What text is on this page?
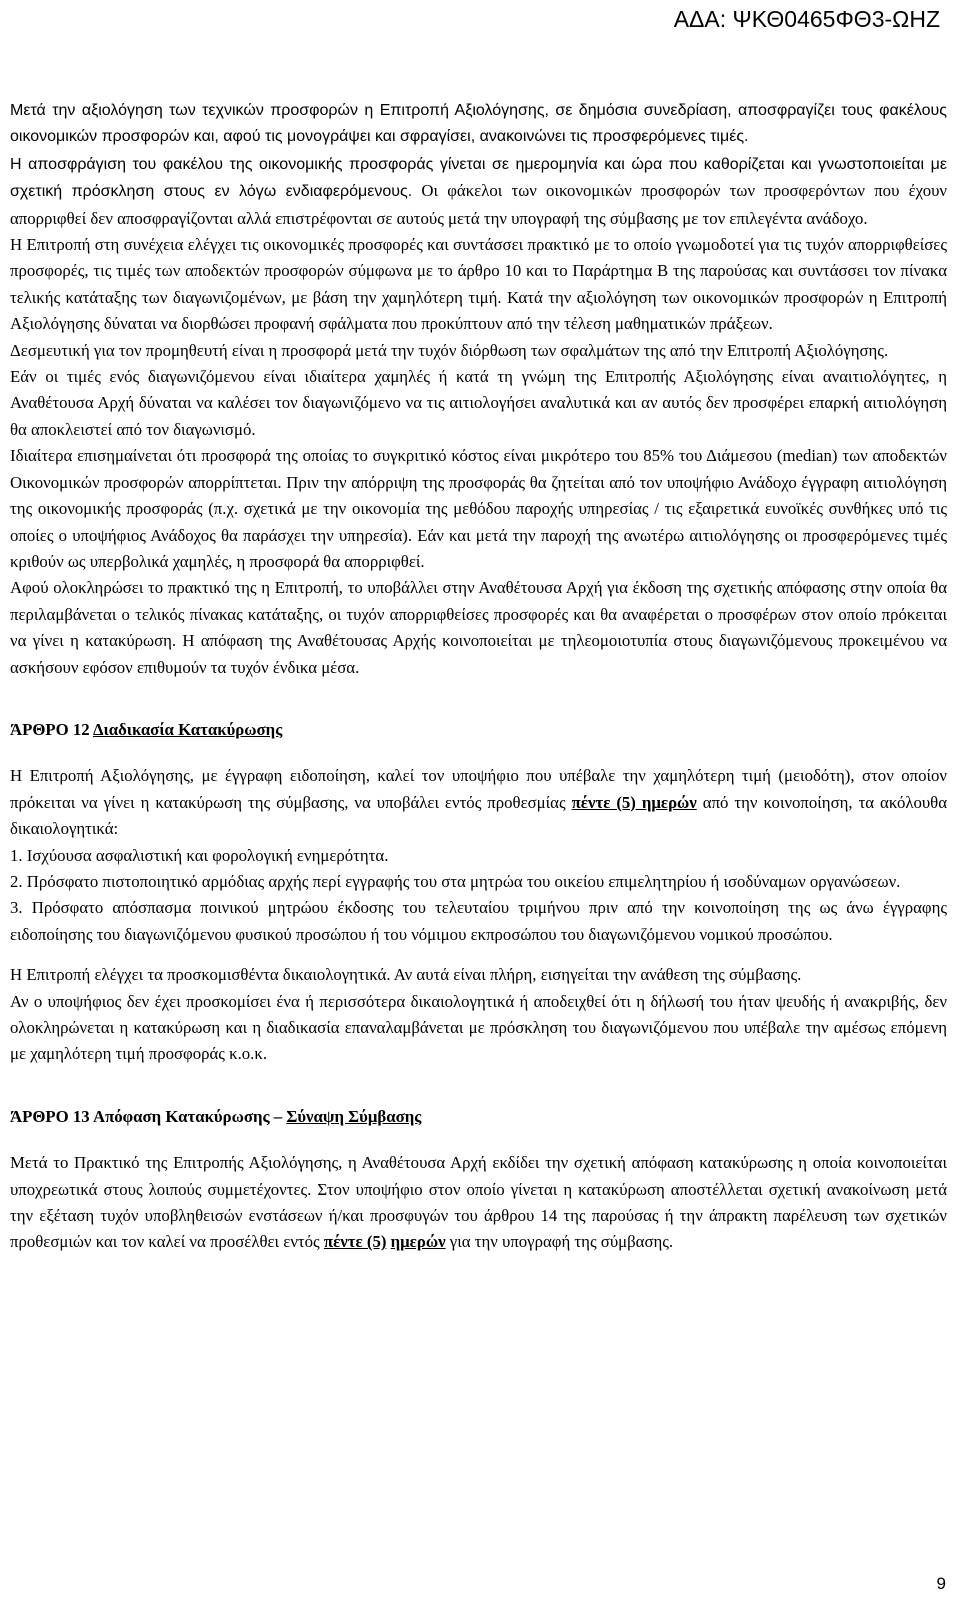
ΑΔΑ: ΨΚΘ0465ΦΘ3-ΩΗΖ

Μετά την αξιολόγηση των τεχνικών προσφορών η Επιτροπή Αξιολόγησης, σε δημόσια συνεδρίαση, αποσφραγίζει τους φακέλους οικονομικών προσφορών και, αφού τις μονογράψει και σφραγίσει, ανακοινώνει τις προσφερόμενες τιμές.

Η αποσφράγιση του φακέλου της οικονομικής προσφοράς γίνεται σε ημερομηνία και ώρα που καθορίζεται και γνωστοποιείται με σχετική πρόσκληση στους εν λόγω ενδιαφερόμενους. Οι φάκελοι των οικονομικών προσφορών των προσφερόντων που έχουν απορριφθεί δεν αποσφραγίζονται αλλά επιστρέφονται σε αυτούς μετά την υπογραφή της σύμβασης με τον επιλεγέντα ανάδοχο.

Η Επιτροπή στη συνέχεια ελέγχει τις οικονομικές προσφορές και συντάσσει πρακτικό με το οποίο γνωμοδοτεί για τις τυχόν απορριφθείσες προσφορές, τις τιμές των αποδεκτών προσφορών σύμφωνα με το άρθρο 10 και το Παράρτημα Β της παρούσας και συντάσσει τον πίνακα τελικής κατάταξης των διαγωνιζομένων, με βάση την χαμηλότερη τιμή. Κατά την αξιολόγηση των οικονομικών προσφορών η Επιτροπή Αξιολόγησης δύναται να διορθώσει προφανή σφάλματα που προκύπτουν από την τέλεση μαθηματικών πράξεων.

Δεσμευτική για τον προμηθευτή είναι η προσφορά μετά την τυχόν διόρθωση των σφαλμάτων της από την Επιτροπή Αξιολόγησης.

Εάν οι τιμές ενός διαγωνιζόμενου είναι ιδιαίτερα χαμηλές ή κατά τη γνώμη της Επιτροπής Αξιολόγησης είναι αναιτιολόγητες, η Αναθέτουσα Αρχή δύναται να καλέσει τον διαγωνιζόμενο να τις αιτιολογήσει αναλυτικά και αν αυτός δεν προσφέρει επαρκή αιτιολόγηση θα αποκλειστεί από τον διαγωνισμό.

Ιδιαίτερα επισημαίνεται ότι προσφορά της οποίας το συγκριτικό κόστος είναι μικρότερο του 85% του Διάμεσου (median) των αποδεκτών Οικονομικών προσφορών απορρίπτεται. Πριν την απόρριψη της προσφοράς θα ζητείται από τον υποψήφιο Ανάδοχο έγγραφη αιτιολόγηση της οικονομικής προσφοράς (π.χ. σχετικά με την οικονομία της μεθόδου παροχής υπηρεσίας / τις εξαιρετικά ευνοϊκές συνθήκες υπό τις οποίες ο υποψήφιος Ανάδοχος θα παράσχει την υπηρεσία). Εάν και μετά την παροχή της ανωτέρω αιτιολόγησης οι προσφερόμενες τιμές κριθούν ως υπερβολικά χαμηλές, η προσφορά θα απορριφθεί.

Αφού ολοκληρώσει το πρακτικό της η Επιτροπή, το υποβάλλει στην Αναθέτουσα Αρχή για έκδοση της σχετικής απόφασης στην οποία θα περιλαμβάνεται ο τελικός πίνακας κατάταξης, οι τυχόν απορριφθείσες προσφορές και θα αναφέρεται ο προσφέρων στον οποίο πρόκειται να γίνει η κατακύρωση. Η απόφαση της Αναθέτουσας Αρχής κοινοποιείται με τηλεομοιοτυπία στους διαγωνιζόμενους προκειμένου να ασκήσουν εφόσον επιθυμούν τα τυχόν ένδικα μέσα.

ΆΡΘΡΟ 12 Διαδικασία Κατακύρωσης

Η Επιτροπή Αξιολόγησης, με έγγραφη ειδοποίηση, καλεί τον υποψήφιο που υπέβαλε την χαμηλότερη τιμή (μειοδότη), στον οποίον πρόκειται να γίνει η κατακύρωση της σύμβασης, να υποβάλει εντός προθεσμίας πέντε (5) ημερών από την κοινοποίηση, τα ακόλουθα δικαιολογητικά:

1. Ισχύουσα ασφαλιστική και φορολογική ενημερότητα.

2. Πρόσφατο πιστοποιητικό αρμόδιας αρχής περί εγγραφής του στα μητρώα του οικείου επιμελητηρίου ή ισοδύναμων οργανώσεων.

3. Πρόσφατο απόσπασμα ποινικού μητρώου έκδοσης του τελευταίου τριμήνου πριν από την κοινοποίηση της ως άνω έγγραφης ειδοποίησης του διαγωνιζόμενου φυσικού προσώπου ή του νόμιμου εκπροσώπου του διαγωνιζόμενου νομικού προσώπου.

Η Επιτροπή ελέγχει τα προσκομισθέντα δικαιολογητικά. Αν αυτά είναι πλήρη, εισηγείται την ανάθεση της σύμβασης.

Αν ο υποψήφιος δεν έχει προσκομίσει ένα ή περισσότερα δικαιολογητικά ή αποδειχθεί ότι η δήλωσή του ήταν ψευδής ή ανακριβής, δεν ολοκληρώνεται η κατακύρωση και η διαδικασία επαναλαμβάνεται με πρόσκληση του διαγωνιζόμενου που υπέβαλε την αμέσως επόμενη με χαμηλότερη τιμή προσφοράς κ.ο.κ.

ΆΡΘΡΟ 13 Απόφαση Κατακύρωσης – Σύναψη Σύμβασης

Μετά το Πρακτικό της Επιτροπής Αξιολόγησης, η Αναθέτουσα Αρχή εκδίδει την σχετική απόφαση κατακύρωσης η οποία κοινοποιείται υποχρεωτικά στους λοιπούς συμμετέχοντες. Στον υποψήφιο στον οποίο γίνεται η κατακύρωση αποστέλλεται σχετική ανακοίνωση μετά την εξέταση τυχόν υποβληθεισών ενστάσεων ή/και προσφυγών του άρθρου 14 της παρούσας ή την άπρακτη παρέλευση των σχετικών προθεσμιών και τον καλεί να προσέλθει εντός πέντε (5) ημερών για την υπογραφή της σύμβασης.

9
